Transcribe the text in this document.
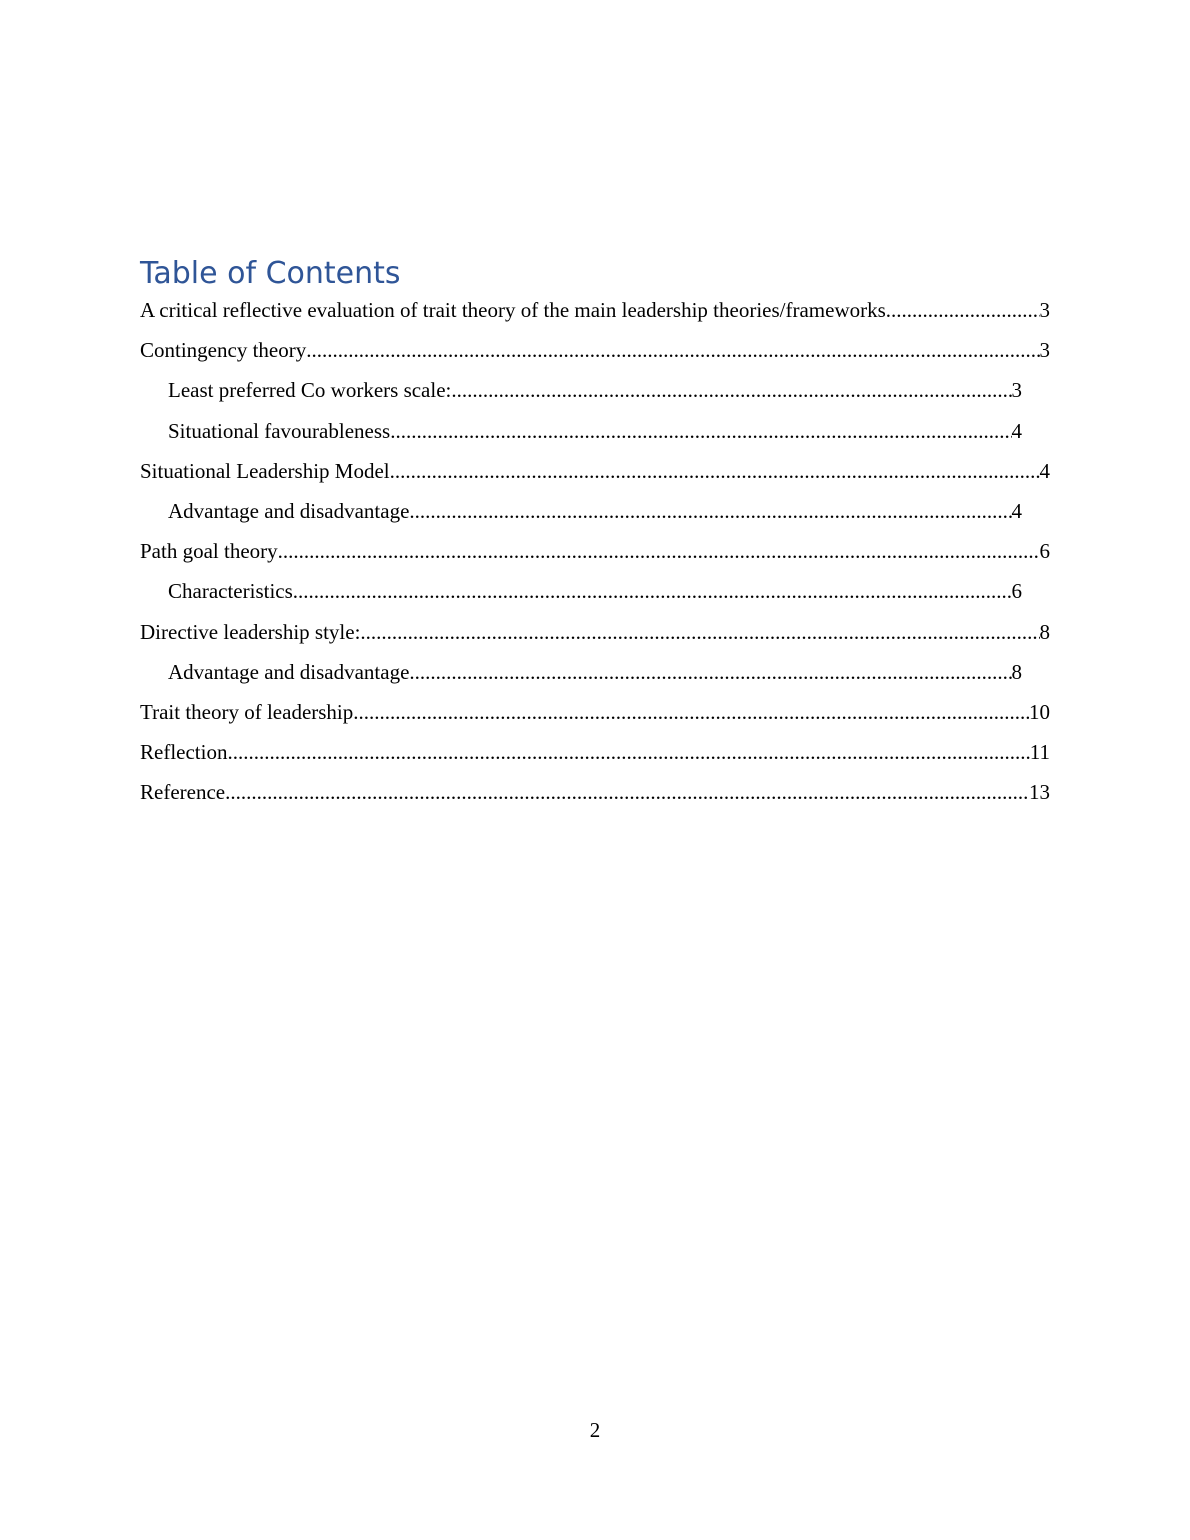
Table of Contents
A critical reflective evaluation of trait theory of the main leadership theories/frameworks .....	3
Contingency theory .....	3
Least preferred Co workers scale: .....	3
Situational favourableness .....	4
Situational Leadership Model .....	4
Advantage and disadvantage .....	4
Path goal theory .....	6
Characteristics .....	6
Directive leadership style: .....	8
Advantage and disadvantage .....	8
Trait theory of leadership .....	10
Reflection .....	11
Reference .....	13
2
